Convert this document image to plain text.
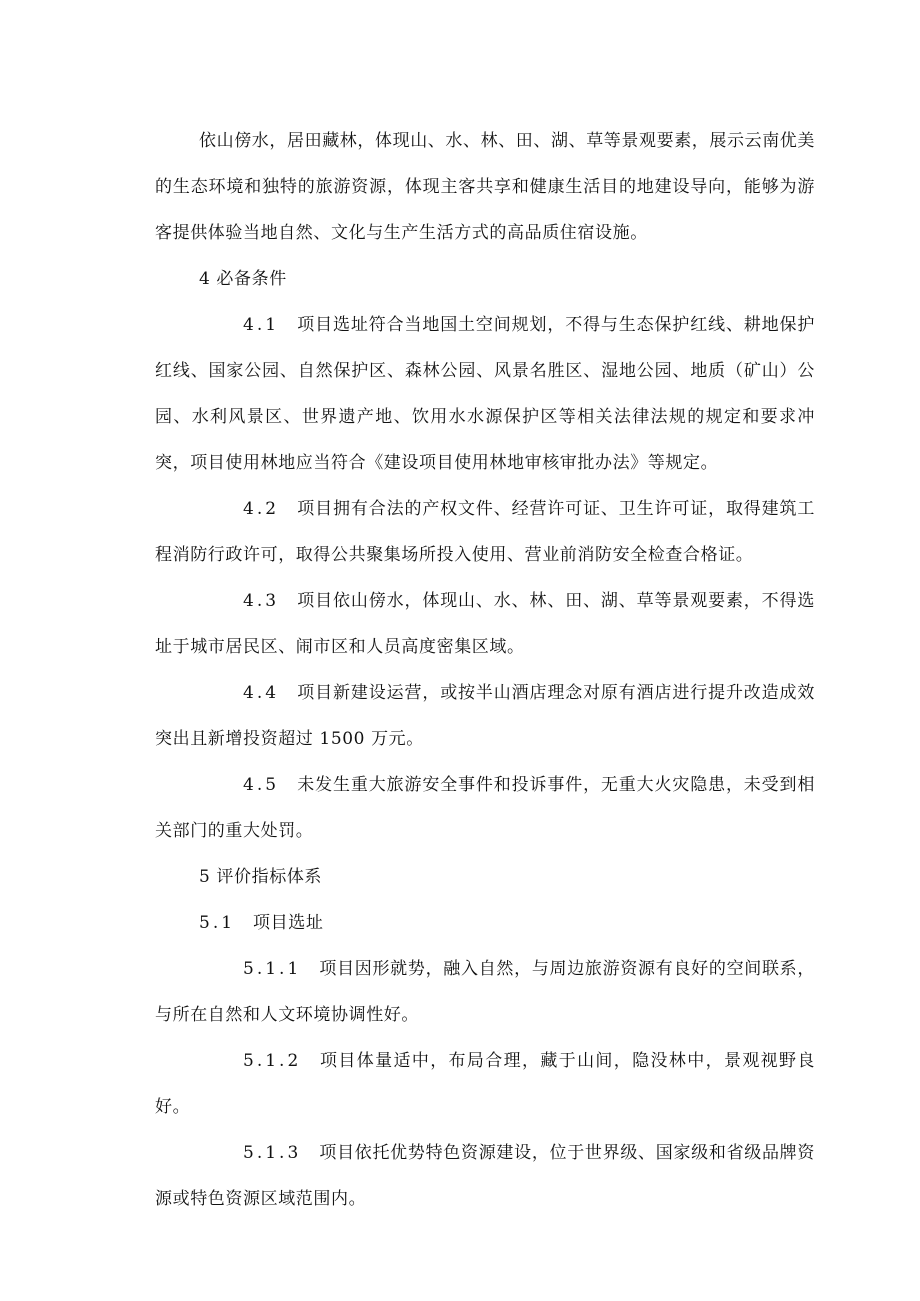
依山傍水，居田藏林，体现山、水、林、田、湖、草等景观要素，展示云南优美的生态环境和独特的旅游资源，体现主客共享和健康生活目的地建设导向，能够为游客提供体验当地自然、文化与生产生活方式的高品质住宿设施。

4 必备条件

4.1 项目选址符合当地国土空间规划，不得与生态保护红线、耕地保护红线、国家公园、自然保护区、森林公园、风景名胜区、湿地公园、地质（矿山）公园、水利风景区、世界遗产地、饮用水水源保护区等相关法律法规的规定和要求冲突，项目使用林地应当符合《建设项目使用林地审核审批办法》等规定。

4.2 项目拥有合法的产权文件、经营许可证、卫生许可证，取得建筑工程消防行政许可，取得公共聚集场所投入使用、营业前消防安全检查合格证。

4.3 项目依山傍水，体现山、水、林、田、湖、草等景观要素，不得选址于城市居民区、闹市区和人员高度密集区域。

4.4 项目新建设运营，或按半山酒店理念对原有酒店进行提升改造成效突出且新增投资超过 1500 万元。

4.5 未发生重大旅游安全事件和投诉事件，无重大火灾隐患，未受到相关部门的重大处罚。

5 评价指标体系

5.1 项目选址

5.1.1 项目因形就势，融入自然，与周边旅游资源有良好的空间联系，与所在自然和人文环境协调性好。

5.1.2 项目体量适中，布局合理，藏于山间，隐没林中，景观视野良好。

5.1.3 项目依托优势特色资源建设，位于世界级、国家级和省级品牌资源或特色资源区域范围内。
